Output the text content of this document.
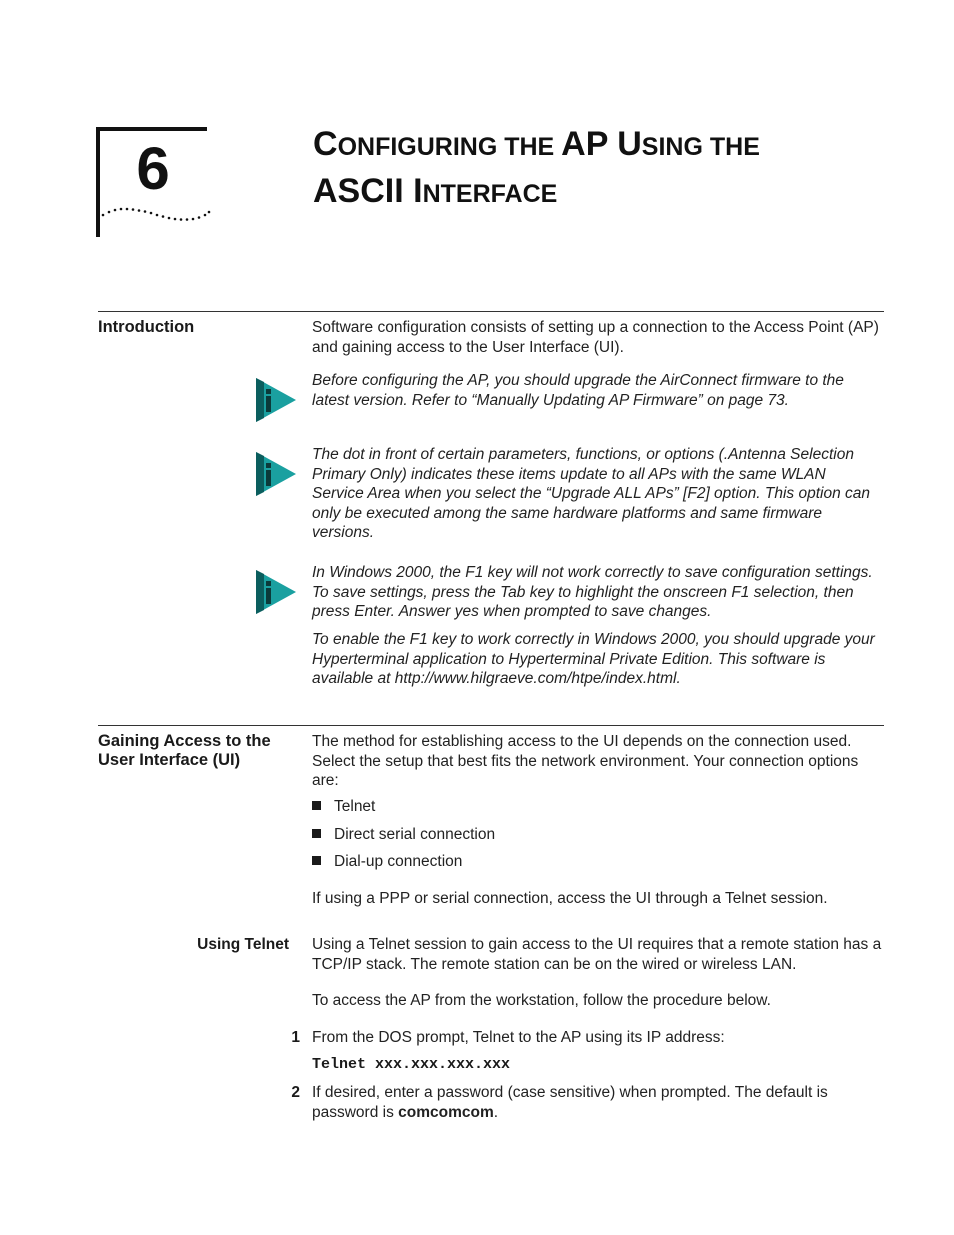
6	CONFIGURING THE AP USING THE
ASCII INTERFACE
Introduction	Software configuration consists of setting up a connection to the Access Point (AP) and gaining access to the User Interface (UI).
Before configuring the AP, you should upgrade the AirConnect firmware to the latest version. Refer to “Manually Updating AP Firmware” on page 73.
The dot in front of certain parameters, functions, or options (.Antenna Selection Primary Only) indicates these items update to all APs with the same WLAN Service Area when you select the “Upgrade ALL APs” [F2] option. This option can only be executed among the same hardware platforms and same firmware versions.
In Windows 2000, the F1 key will not work correctly to save configuration settings. To save settings, press the Tab key to highlight the onscreen F1 selection, then press Enter. Answer yes when prompted to save changes.
To enable the F1 key to work correctly in Windows 2000, you should upgrade your Hyperterminal application to Hyperterminal Private Edition. This software is available at http://www.hilgraeve.com/htpe/index.html.
Gaining Access to the
User Interface (UI)
The method for establishing access to the UI depends on the connection used. Select the setup that best fits the network environment. Your connection options are:
Telnet
Direct serial connection
Dial-up connection
If using a PPP or serial connection, access the UI through a Telnet session.
Using Telnet Using a Telnet session to gain access to the UI requires that a remote station has a TCP/IP stack. The remote station can be on the wired or wireless LAN.
To access the AP from the workstation, follow the procedure below.
1 From the DOS prompt, Telnet to the AP using its IP address:
Telnet xxx.xxx.xxx.xxx
2 If desired, enter a password (case sensitive) when prompted. The default is password is comcomcom.
